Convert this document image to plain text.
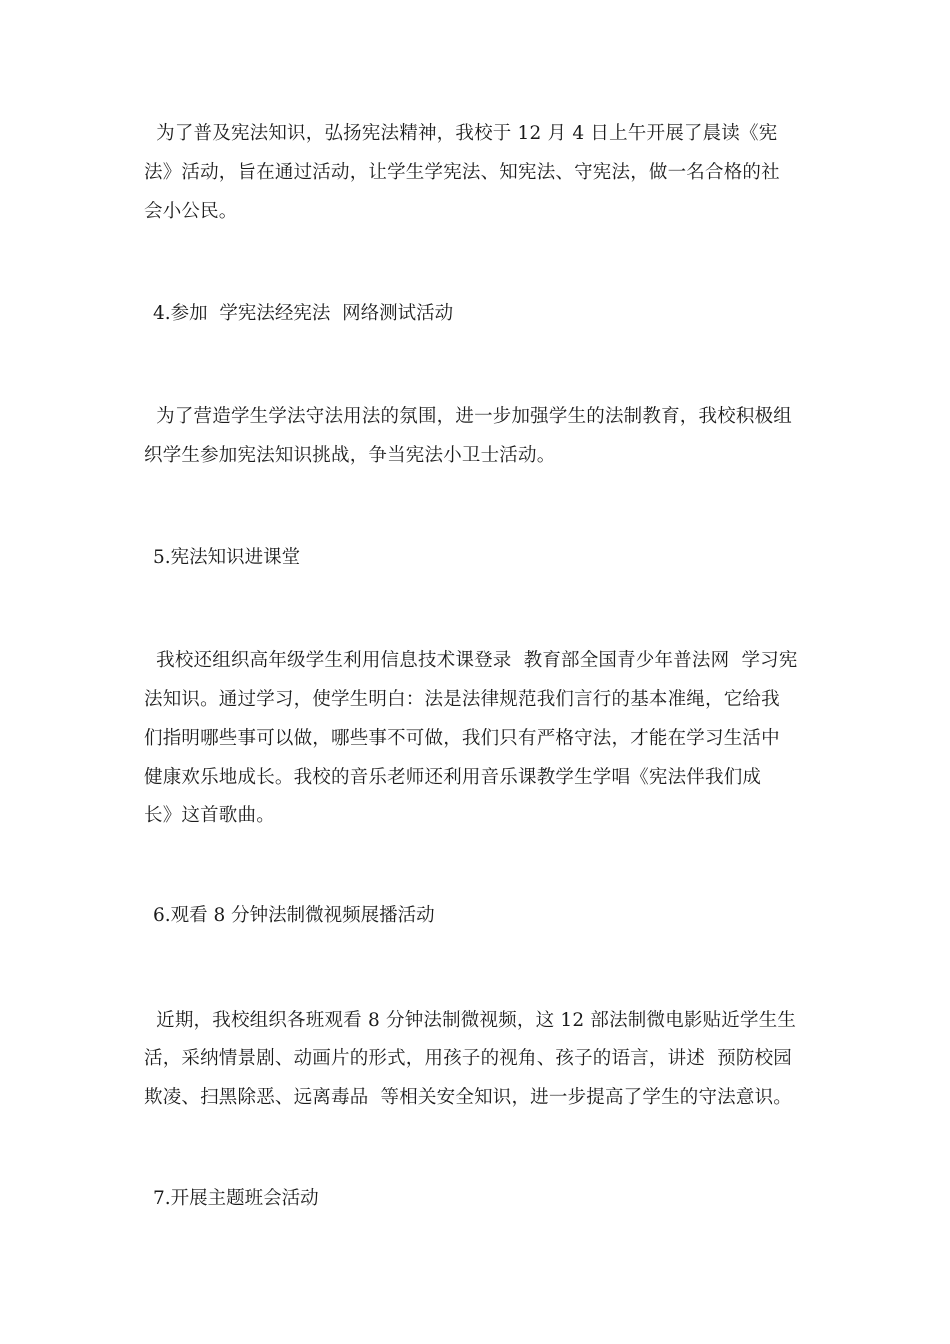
为了普及宪法知识，弘扬宪法精神，我校于 12 月 4 日上午开展了晨读《宪
法》活动，旨在通过活动，让学生学宪法、知宪法、守宪法，做一名合格的社
会小公民。
4.参加  学宪法经宪法  网络测试活动
为了营造学生学法守法用法的氛围，进一步加强学生的法制教育，我校积极组
织学生参加宪法知识挑战，争当宪法小卫士活动。
5.宪法知识进课堂
我校还组织高年级学生利用信息技术课登录  教育部全国青少年普法网  学习宪
法知识。通过学习，使学生明白：法是法律规范我们言行的基本准绳，它给我
们指明哪些事可以做，哪些事不可做，我们只有严格守法，才能在学习生活中
健康欢乐地成长。我校的音乐老师还利用音乐课教学生学唱《宪法伴我们成
长》这首歌曲。
6.观看 8 分钟法制微视频展播活动
近期，我校组织各班观看 8 分钟法制微视频，这 12 部法制微电影贴近学生生
活，采纳情景剧、动画片的形式，用孩子的视角、孩子的语言，讲述  预防校园
欺凌、扫黑除恶、远离毒品  等相关安全知识，进一步提高了学生的守法意识。
7.开展主题班会活动
